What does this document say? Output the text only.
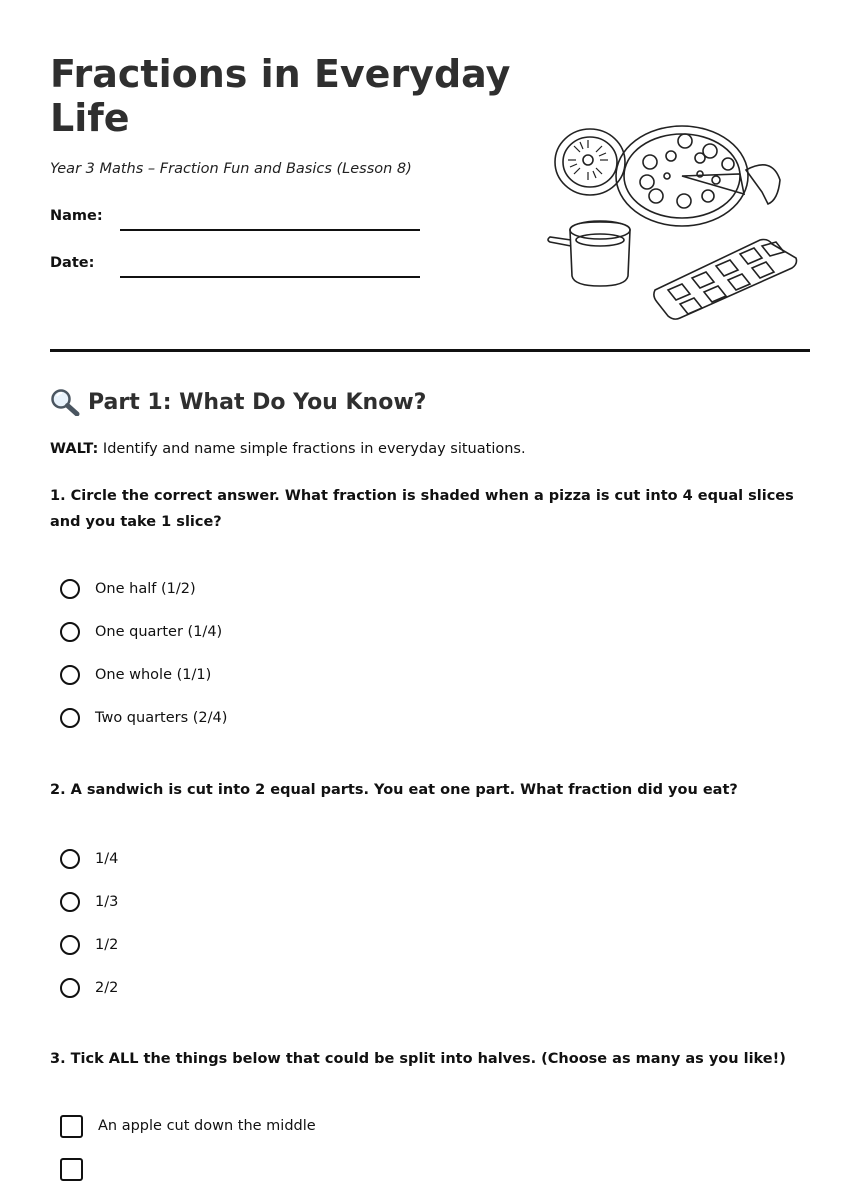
Fractions in Everyday Life
Year 3 Maths – Fraction Fun and Basics (Lesson 8)
Name:
Date:
Part 1: What Do You Know?
WALT: Identify and name simple fractions in everyday situations.
1. Circle the correct answer. What fraction is shaded when a pizza is cut into 4 equal slices and you take 1 slice?
One half (1/2)
One quarter (1/4)
One whole (1/1)
Two quarters (2/4)
2. A sandwich is cut into 2 equal parts. You eat one part. What fraction did you eat?
1/4
1/3
1/2
2/2
3. Tick ALL the things below that could be split into halves. (Choose as many as you like!)
An apple cut down the middle
